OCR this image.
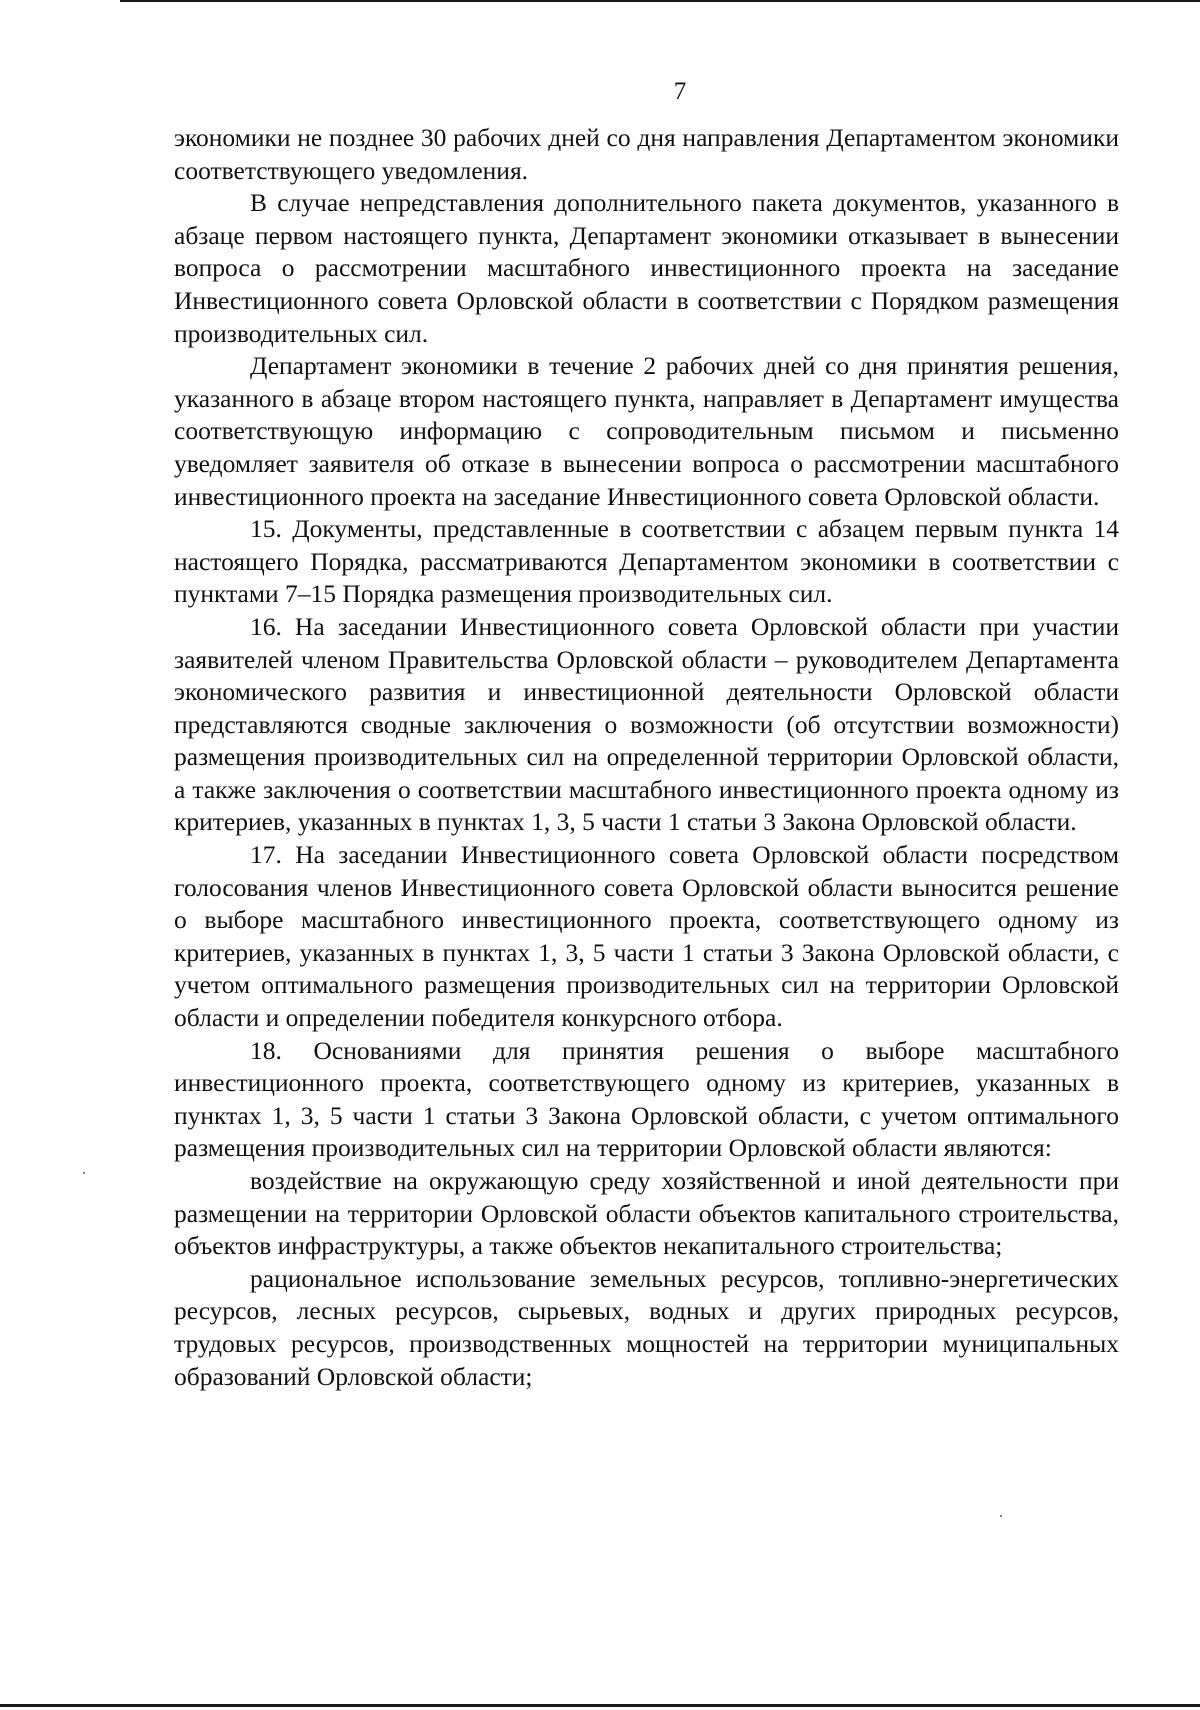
7

экономики не позднее 30 рабочих дней со дня направления Департаментом экономики соответствующего уведомления.

В случае непредставления дополнительного пакета документов, указанного в абзаце первом настоящего пункта, Департамент экономики отказывает в вынесении вопроса о рассмотрении масштабного инвестиционного проекта на заседание Инвестиционного совета Орловской области в соответствии с Порядком размещения производительных сил.

Департамент экономики в течение 2 рабочих дней со дня принятия решения, указанного в абзаце втором настоящего пункта, направляет в Департамент имущества соответствующую информацию с сопроводительным письмом и письменно уведомляет заявителя об отказе в вынесении вопроса о рассмотрении масштабного инвестиционного проекта на заседание Инвестиционного совета Орловской области.

15. Документы, представленные в соответствии с абзацем первым пункта 14 настоящего Порядка, рассматриваются Департаментом экономики в соответствии с пунктами 7–15 Порядка размещения производительных сил.

16. На заседании Инвестиционного совета Орловской области при участии заявителей членом Правительства Орловской области – руководителем Департамента экономического развития и инвестиционной деятельности Орловской области представляются сводные заключения о возможности (об отсутствии возможности) размещения производительных сил на определенной территории Орловской области, а также заключения о соответствии масштабного инвестиционного проекта одному из критериев, указанных в пунктах 1, 3, 5 части 1 статьи 3 Закона Орловской области.

17. На заседании Инвестиционного совета Орловской области посредством голосования членов Инвестиционного совета Орловской области выносится решение о выборе масштабного инвестиционного проекта, соответствующего одному из критериев, указанных в пунктах 1, 3, 5 части 1 статьи 3 Закона Орловской области, с учетом оптимального размещения производительных сил на территории Орловской области и определении победителя конкурсного отбора.

18. Основаниями для принятия решения о выборе масштабного инвестиционного проекта, соответствующего одному из критериев, указанных в пунктах 1, 3, 5 части 1 статьи 3 Закона Орловской области, с учетом оптимального размещения производительных сил на территории Орловской области являются:

воздействие на окружающую среду хозяйственной и иной деятельности при размещении на территории Орловской области объектов капитального строительства, объектов инфраструктуры, а также объектов некапитального строительства;

рациональное использование земельных ресурсов, топливно-энергетических ресурсов, лесных ресурсов, сырьевых, водных и других природных ресурсов, трудовых ресурсов, производственных мощностей на территории муниципальных образований Орловской области;
